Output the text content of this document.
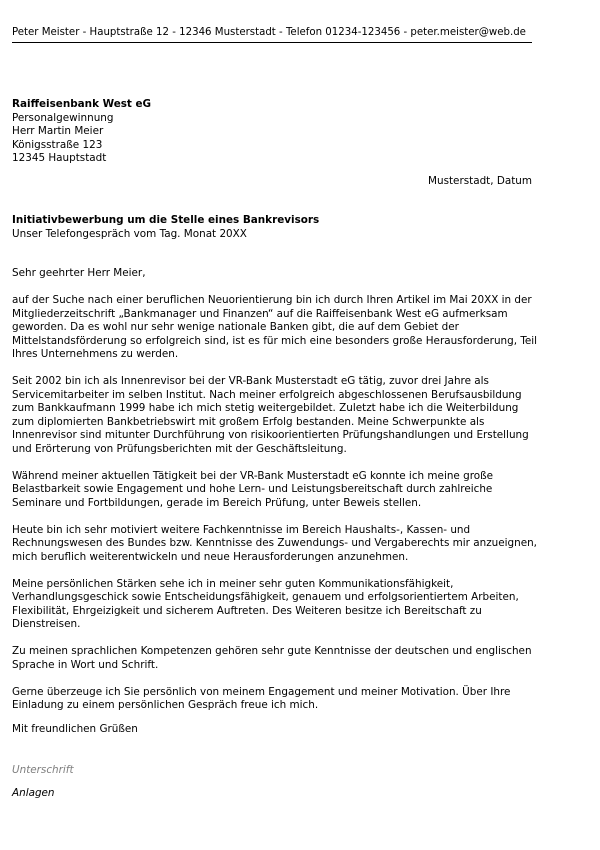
Peter Meister - Hauptstraße 12 - 12346 Musterstadt - Telefon 01234-123456 - peter.meister@web.de
Raiffeisenbank West eG
Personalgewinnung
Herr Martin Meier
Königsstraße 123
12345 Hauptstadt
Musterstadt, Datum
Initiativbewerbung um die Stelle eines Bankrevisors
Unser Telefongespräch vom Tag. Monat 20XX

Sehr geehrter Herr Meier,

auf der Suche nach einer beruflichen Neuorientierung bin ich durch Ihren Artikel im Mai 20XX in der Mitgliederzeitschrift „Bankmanager und Finanzen“ auf die Raiffeisenbank West eG aufmerksam geworden. Da es wohl nur sehr wenige nationale Banken gibt, die auf dem Gebiet der Mittelstandsförderung so erfolgreich sind, ist es für mich eine besonders große Herausforderung, Teil Ihres Unternehmens zu werden.

Seit 2002 bin ich als Innenrevisor bei der VR-Bank Musterstadt eG tätig, zuvor drei Jahre als Servicemitarbeiter im selben Institut. Nach meiner erfolgreich abgeschlossenen Berufsausbildung zum Bankkaufmann 1999 habe ich mich stetig weitergebildet. Zuletzt habe ich die Weiterbildung zum diplomierten Bankbetriebswirt mit großem Erfolg bestanden. Meine Schwerpunkte als Innenrevisor sind mitunter Durchführung von risikoorientierten Prüfungshandlungen und Erstellung und Erörterung von Prüfungsberichten mit der Geschäftsleitung.

Während meiner aktuellen Tätigkeit bei der VR-Bank Musterstadt eG konnte ich meine große Belastbarkeit sowie Engagement und hohe Lern- und Leistungsbereitschaft durch zahlreiche Seminare und Fortbildungen, gerade im Bereich Prüfung, unter Beweis stellen.

Heute bin ich sehr motiviert weitere Fachkenntnisse im Bereich Haushalts-, Kassen- und Rechnungswesen des Bundes bzw. Kenntnisse des Zuwendungs- und Vergaberechts mir anzueignen, mich beruflich weiterentwickeln und neue Herausforderungen anzunehmen.

Meine persönlichen Stärken sehe ich in meiner sehr guten Kommunikationsfähigkeit, Verhandlungsgeschick sowie Entscheidungsfähigkeit, genauem und erfolgsorientiertem Arbeiten, Flexibilität, Ehrgeizigkeit und sicherem Auftreten. Des Weiteren besitze ich Bereitschaft zu Dienstreisen.

Zu meinen sprachlichen Kompetenzen gehören sehr gute Kenntnisse der deutschen und englischen Sprache in Wort und Schrift.

Gerne überzeuge ich Sie persönlich von meinem Engagement und meiner Motivation. Über Ihre Einladung zu einem persönlichen Gespräch freue ich mich.

Mit freundlichen Grüßen
Unterschrift
Anlagen
